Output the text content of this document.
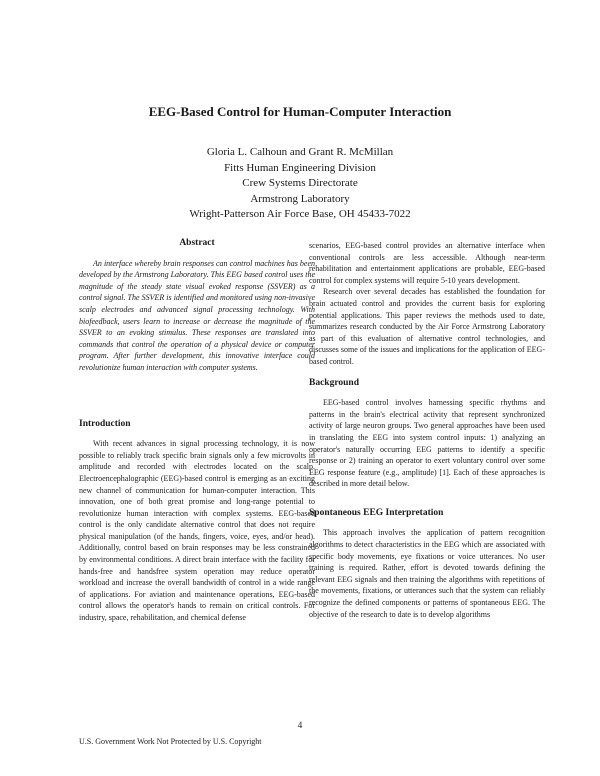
EEG-Based Control for Human-Computer Interaction
Gloria L. Calhoun and Grant R. McMillan
Fitts Human Engineering Division
Crew Systems Directorate
Armstrong Laboratory
Wright-Patterson Air Force Base, OH 45433-7022
Abstract

An interface whereby brain responses can control machines has been developed by the Armstrong Laboratory. This EEG based control uses the magnitude of the steady state visual evoked response (SSVER) as a control signal. The SSVER is identified and monitored using non-invasive scalp electrodes and advanced signal processing technology. With biofeedback, users learn to increase or decrease the magnitude of the SSVER to an evoking stimulus. These responses are translated into commands that control the operation of a physical device or computer program. After further development, this innovative interface could revolutionize human interaction with computer systems.

Introduction

With recent advances in signal processing technology, it is now possible to reliably track specific brain signals only a few microvolts in amplitude and recorded with electrodes located on the scalp. Electroencephalographic (EEG)-based control is emerging as an exciting new channel of communication for human-computer interaction. This innovation, one of both great promise and long-range potential to revolutionize human interaction with complex systems. EEG-based control is the only candidate alternative control that does not require physical manipulation (of the hands, fingers, voice, eyes, and/or head). Additionally, control based on brain responses may be less constrained by environmental conditions. A direct brain interface with the facility for hands-free and handsfree system operation may reduce operator workload and increase the overall bandwidth of control in a wide range of applications. For aviation and maintenance operations, EEG-based control allows the operator's hands to remain on critical controls. For industry, space, rehabilitation, and chemical defense

scenarios, EEG-based control provides an alternative interface when conventional controls are less accessible. Although near-term rehabilitation and entertainment applications are probable, EEG-based control for complex systems will require 5-10 years development.

Research over several decades has established the foundation for brain actuated control and provides the current basis for exploring potential applications. This paper reviews the methods used to date, summarizes research conducted by the Air Force Armstrong Laboratory as part of this evaluation of alternative control technologies, and discusses some of the issues and implications for the application of EEG-based control.

Background

EEG-based control involves harnessing specific rhythms and patterns in the brain's electrical activity that represent synchronized activity of large neuron groups. Two general approaches have been used in translating the EEG into system control inputs: 1) analyzing an operator's naturally occurring EEG patterns to identify a specific response or 2) training an operator to exert voluntary control over some EEG response feature (e.g., amplitude) [1]. Each of these approaches is described in more detail below.

Spontaneous EEG Interpretation

This approach involves the application of pattern recognition algorithms to detect characteristics in the EEG which are associated with specific body movements, eye fixations or voice utterances. No user training is required. Rather, effort is devoted towards defining the relevant EEG signals and then training the algorithms with repetitions of the movements, fixations, or utterances such that the system can reliably recognize the defined components or patterns of spontaneous EEG. The objective of the research to date is to develop algorithms

4
U.S. Government Work Not Protected by U.S. Copyright
